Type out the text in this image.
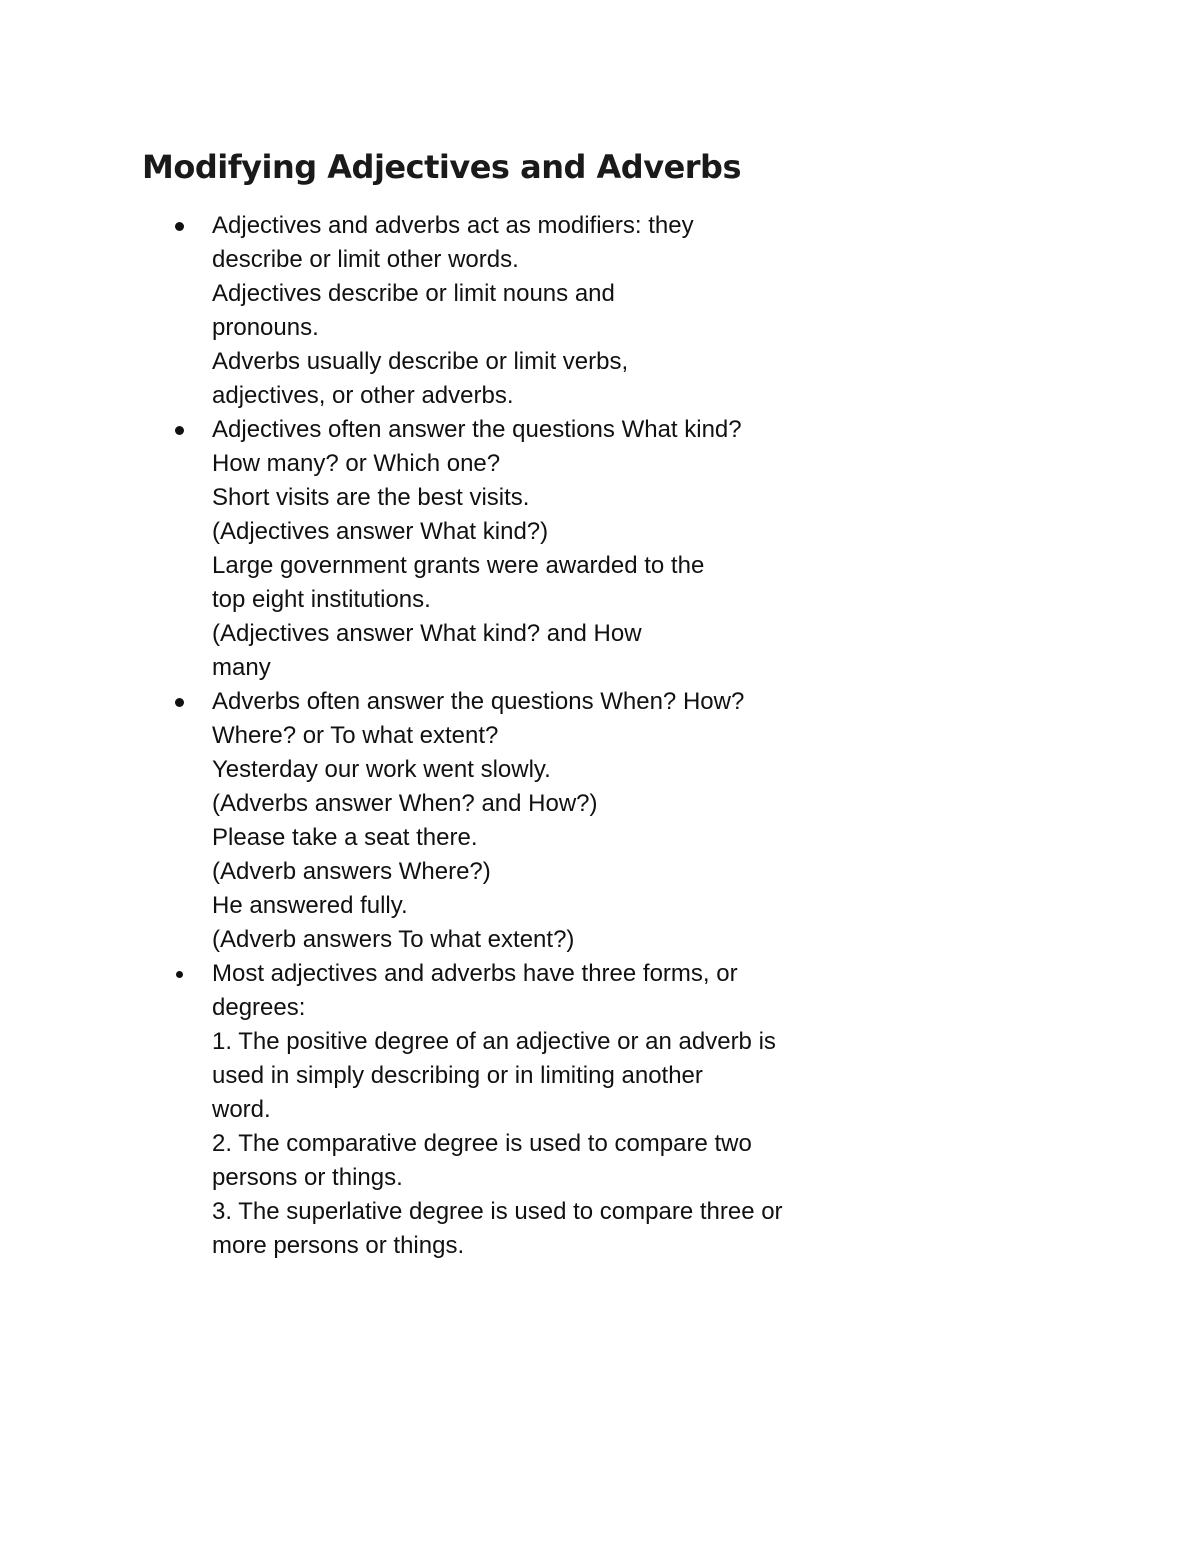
Modifying Adjectives and Adverbs
Adjectives and adverbs act as modifiers: they
describe or limit other words.
Adjectives describe or limit nouns and
pronouns.
Adverbs usually describe or limit verbs,
adjectives, or other adverbs.
Adjectives often answer the questions What kind?
How many? or Which one?
Short visits are the best visits.
(Adjectives answer What kind?)
Large government grants were awarded to the
top eight institutions.
(Adjectives answer What kind? and How
many
Adverbs often answer the questions When? How?
Where? or To what extent?
Yesterday our work went slowly.
(Adverbs answer When? and How?)
Please take a seat there.
(Adverb answers Where?)
He answered fully.
(Adverb answers To what extent?)
Most adjectives and adverbs have three forms, or
degrees:
1. The positive degree of an adjective or an adverb is
used in simply describing or in limiting another
word.
2. The comparative degree is used to compare two
persons or things.
3. The superlative degree is used to compare three or
more persons or things.
